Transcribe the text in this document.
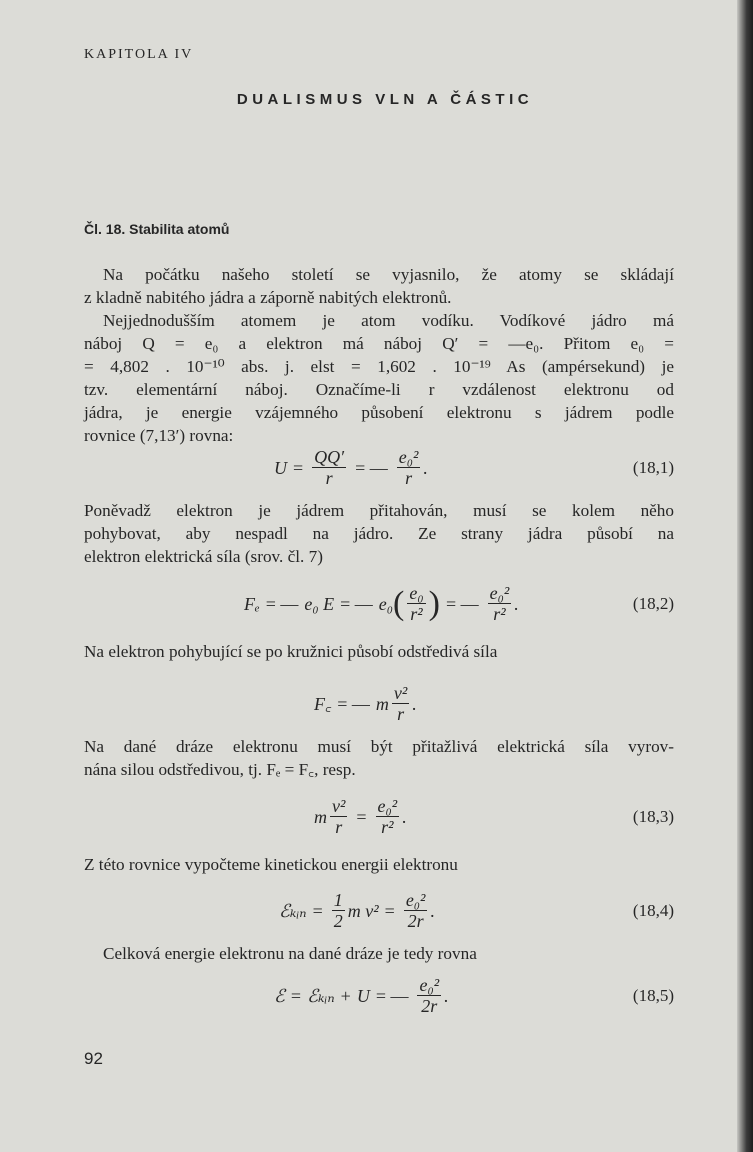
KAPITOLA IV
DUALISMUS VLN A ČÁSTIC
Čl. 18. Stabilita atomů
Na počátku našeho století se vyjasnilo, že atomy se skládají
z kladně nabitého jádra a záporně nabitých elektronů.
Nejjednodušším atomem je atom vodíku. Vodíkové jádro má
náboj Q = e₀ a elektron má náboj Q′ = —e₀. Přitom e₀ =
= 4,802 . 10⁻¹⁰ abs. j. elst = 1,602 . 10⁻¹⁹ As (ampérsekund) je
tzv. elementární náboj. Označíme-li r vzdálenost elektronu od
jádra, je energie vzájemného působení elektronu s jádrem podle
rovnice (7,13′) rovna:
$U = \frac{QQ'}{r}$ = — $\frac{\text{e₀²}}{r}$ .	(18,1)
Poněvadž elektron je jádrem přitahován, musí se kolem něho
pohybovat, aby nespadl na jádro. Ze strany jádra působí na
elektron elektrická síla (srov. čl. 7)
Fₑ = — e₀ E = — e₀ ( $\frac{\text{e₀}}{\text{r²}}$ ) = — $\frac{\text{e₀²}}{\text{r²}}$ .	(18,2)
Na elektron pohybující se po kružnici působí odstředivá síla
F꜀ = — m $\frac{\text{v²}}{r}$ .
Na dané dráze elektronu musí být přitažlivá elektrická síla vyrov-
nána silou odstředivou, tj. Fₑ = F꜀, resp.
m $\frac{\text{v²}}{r} = \frac{\text{e₀²}}{\text{r²}}$ .	(18,3)
Z této rovnice vypočteme kinetickou energii elektronu
ℰₖᵢₙ = $\frac{1}{2}$ m $v^2 = \frac{\text{e₀²}}{2r}$ .	(18,4)
Celková energie elektronu na dané dráze je tedy rovna
ℰ = ℰₖᵢₙ + U = — $\frac{\text{e₀²}}{2r}$ .	(18,5)
92
